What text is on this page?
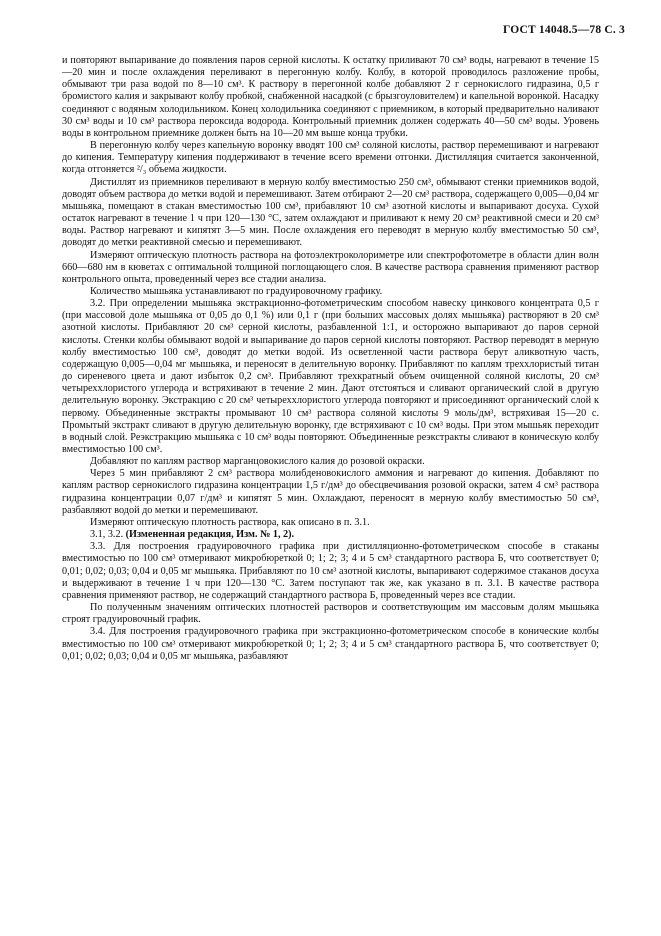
ГОСТ 14048.5—78 С. 3

и повторяют выпаривание до появления паров серной кислоты. К остатку приливают 70 см³ воды, нагревают в течение 15—20 мин и после охлаждения переливают в перегонную колбу. Колбу, в которой проводилось разложение пробы, обмывают три раза водой по 8—10 см³. К раствору в перегонной колбе добавляют 2 г сернокислого гидразина, 0,5 г бромистого калия и закрывают колбу пробкой, снабженной насадкой (с брызгоуловителем) и капельной воронкой. Насадку соединяют с водяным холодильником. Конец холодильника соединяют с приемником, в который предварительно наливают 30 см³ воды и 10 см³ раствора пероксида водорода. Контрольный приемник должен содержать 40—50 см³ воды. Уровень воды в контрольном приемнике должен быть на 10—20 мм выше конца трубки.

В перегонную колбу через капельную воронку вводят 100 см³ соляной кислоты, раствор перемешивают и нагревают до кипения. Температуру кипения поддерживают в течение всего времени отгонки. Дистилляция считается законченной, когда отгоняется ²/₃ объема жидкости.

Дистиллят из приемников переливают в мерную колбу вместимостью 250 см³, обмывают стенки приемников водой, доводят объем раствора до метки водой и перемешивают. Затем отбирают 2—20 см³ раствора, содержащего 0,005—0,04 мг мышьяка, помещают в стакан вместимостью 100 см³, прибавляют 10 см³ азотной кислоты и выпаривают досуха. Сухой остаток нагревают в течение 1 ч при 120—130 °С, затем охлаждают и приливают к нему 20 см³ реактивной смеси и 20 см³ воды. Раствор нагревают и кипятят 3—5 мин. После охлаждения его переводят в мерную колбу вместимостью 50 см³, доводят до метки реактивной смесью и перемешивают.

Измеряют оптическую плотность раствора на фотоэлектроколориметре или спектрофотометре в области длин волн 660—680 нм в кюветах с оптимальной толщиной поглощающего слоя. В качестве раствора сравнения применяют раствор контрольного опыта, проведенный через все стадии анализа.

Количество мышьяка устанавливают по градуировочному графику.

3.2. При определении мышьяка экстракционно-фотометрическим способом навеску цинкового концентрата 0,5 г (при массовой доле мышьяка от 0,05 до 0,1 %) или 0,1 г (при больших массовых долях мышьяка) растворяют в 20 см³ азотной кислоты. Прибавляют 20 см³ серной кислоты, разбавленной 1:1, и осторожно выпаривают до паров серной кислоты. Стенки колбы обмывают водой и выпаривание до паров серной кислоты повторяют. Раствор переводят в мерную колбу вместимостью 100 см³, доводят до метки водой. Из осветленной части раствора берут аликвотную часть, содержащую 0,005—0,04 мг мышьяка, и переносят в делительную воронку. Прибавляют по каплям треххлористый титан до сиреневого цвета и дают избыток 0,2 см³. Прибавляют трехкратный объем очищенной соляной кислоты, 20 см³ четыреххлористого углерода и встряхивают в течение 2 мин. Дают отстояться и сливают органический слой в другую делительную воронку. Экстракцию с 20 см³ четыреххлористого углерода повторяют и присоединяют органический слой к первому. Объединенные экстракты промывают 10 см³ раствора соляной кислоты 9 моль/дм³, встряхивая 15—20 с. Промытый экстракт сливают в другую делительную воронку, где встряхивают с 10 см³ воды. При этом мышьяк переходит в водный слой. Реэкстракцию мышьяка с 10 см³ воды повторяют. Объединенные реэкстракты сливают в коническую колбу вместимостью 100 см³.

Добавляют по каплям раствор марганцовокислого калия до розовой окраски.

Через 5 мин прибавляют 2 см³ раствора молибденовокислого аммония и нагревают до кипения. Добавляют по каплям раствор сернокислого гидразина концентрации 1,5 г/дм³ до обесцвечивания розовой окраски, затем 4 см³ раствора гидразина концентрации 0,07 г/дм³ и кипятят 5 мин. Охлаждают, переносят в мерную колбу вместимостью 50 см³, разбавляют водой до метки и перемешивают.

Измеряют оптическую плотность раствора, как описано в п. 3.1.

3.1, 3.2. (Измененная редакция, Изм. № 1, 2).

3.3. Для построения градуировочного графика при дистилляционно-фотометрическом способе в стаканы вместимостью по 100 см³ отмеривают микробюреткой 0; 1; 2; 3; 4 и 5 см³ стандартного раствора Б, что соответствует 0; 0,01; 0,02; 0,03; 0,04 и 0,05 мг мышьяка. Прибавляют по 10 см³ азотной кислоты, выпаривают содержимое стаканов досуха и выдерживают в течение 1 ч при 120—130 °С. Затем поступают так же, как указано в п. 3.1. В качестве раствора сравнения применяют раствор, не содержащий стандартного раствора Б, проведенный через все стадии.

По полученным значениям оптических плотностей растворов и соответствующим им массовым долям мышьяка строят градуировочный график.

3.4. Для построения градуировочного графика при экстракционно-фотометрическом способе в конические колбы вместимостью по 100 см³ отмеривают микробюреткой 0; 1; 2; 3; 4 и 5 см³ стандартного раствора Б, что соответствует 0; 0,01; 0,02; 0,03; 0,04 и 0,05 мг мышьяка, разбавляют
